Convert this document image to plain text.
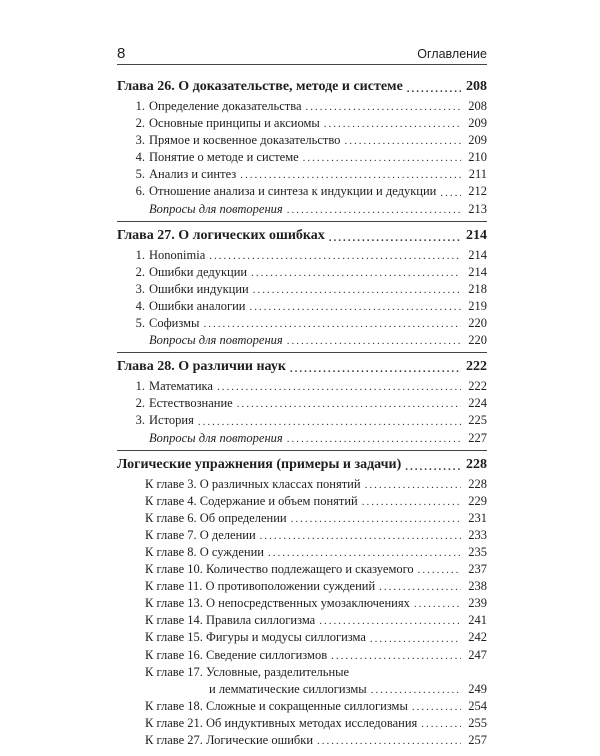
8	Оглавление
Глава 26. О доказательстве, методе и системе .....	208
1. Определение доказательства .....	208
2. Основные принципы и аксиомы .....	209
3. Прямое и косвенное доказательство .....	209
4. Понятие о методе и системе .....	210
5. Анализ и синтез .....	211
6. Отношение анализа и синтеза к индукции и дедукции .....	212
Вопросы для повторения .....	213
Глава 27. О логических ошибках .....	214
1. Hononimia .....	214
2. Ошибки дедукции .....	214
3. Ошибки индукции .....	218
4. Ошибки аналогии .....	219
5. Софизмы .....	220
Вопросы для повторения .....	220
Глава 28. О различии наук .....	222
1. Математика .....	222
2. Естествознание .....	224
3. История .....	225
Вопросы для повторения .....	227
Логические упражнения (примеры и задачи) .....	228
К главе 3. О различных классах понятий .....	228
К главе 4. Содержание и объем понятий .....	229
К главе 6. Об определении .....	231
К главе 7. О делении .....	233
К главе 8. О суждении .....	235
К главе 10. Количество подлежащего и сказуемого .....	237
К главе 11. О противоположении суждений .....	238
К главе 13. О непосредственных умозаключениях .....	239
К главе 14. Правила силлогизма .....	241
К главе 15. Фигуры и модусы силлогизма .....	242
К главе 16. Сведение силлогизмов .....	247
К главе 17. Условные, разделительные
и лемматические силлогизмы .....	249
К главе 18. Сложные и сокращенные силлогизмы .....	254
К главе 21. Об индуктивных методах исследования .....	255
К главе 27. Логические ошибки .....	257
